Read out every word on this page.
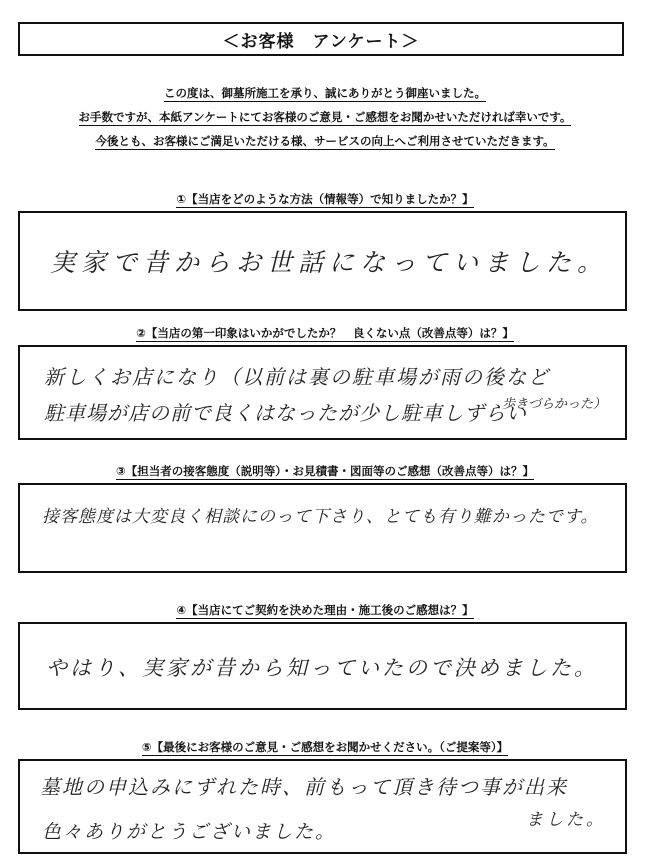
＜お客様　アンケート＞
この度は、御墓所施工を承り、誠にありがとう御座いました。
お手数ですが、本紙アンケートにてお客様のご意見・ご感想をお聞かせいただければ幸いです。
今後とも、お客様にご満足いただける様、サービスの向上へご利用させていただきます。
①【当店をどのような方法（情報等）で知りましたか？】
実家で昔からお世話になっていました。
②【当店の第一印象はいかがでしたか？　良くない点（改善点等）は？】
新しくお店になり（以前は裏の駐車場が雨の後など
駐車場が店の前で良くはなったが少し駐車しずらい
歩きづらかった）
③【担当者の接客態度（説明等）・お見積書・図面等のご感想（改善点等）は？】
接客態度は大変良く相談にのって下さり、とても有り難かったです。
④【当店にてご契約を決めた理由・施工後のご感想は？】
やはり、実家が昔から知っていたので決めました。
⑤【最後にお客様のご意見・ご感想をお聞かせください。（ご提案等）】
墓地の申込みにずれた時、前もって頂き待つ事が出来
ました。
色々ありがとうございました。
